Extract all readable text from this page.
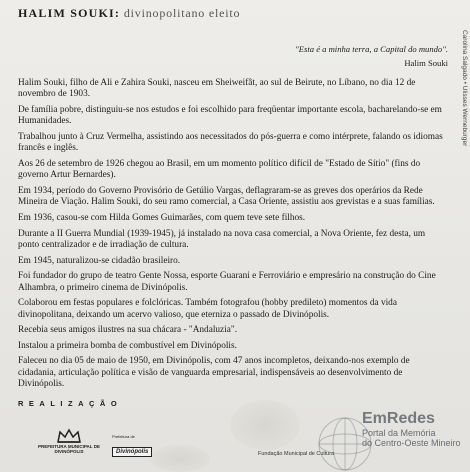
HALIM SOUKI: divinopolitano eleito
Carolina Salgado • Ulisses Werneburger
"Esta é a minha terra, a Capital do mundo".
Halim Souki

Halim Souki, filho de Ali e Zahira Souki, nasceu em Sheiweifât, ao sul de Beirute, no Líbano, no dia 12 de novembro de 1903.

De família pobre, distinguiu-se nos estudos e foi escolhido para freqüentar importante escola, bacharelando-se em Humanidades.

Trabalhou junto à Cruz Vermelha, assistindo aos necessitados do pós-guerra e como intérprete, falando os idiomas francês e inglês.

Aos 26 de setembro de 1926 chegou ao Brasil, em um momento político difícil de "Estado de Sítio" (fins do governo Artur Bernardes).

Em 1934, período do Governo Provisório de Getúlio Vargas, deflagraram-se as greves dos operários da Rede Mineira de Viação. Halim Souki, do seu ramo comercial, a Casa Oriente, assistiu aos grevistas e a suas famílias.

Em 1936, casou-se com Hilda Gomes Guimarães, com quem teve sete filhos.

Durante a II Guerra Mundial (1939-1945), já instalado na nova casa comercial, a Nova Oriente, fez desta, um ponto centralizador e de irradiação de cultura.

Em 1945, naturalizou-se cidadão brasileiro.

Foi fundador do grupo de teatro Gente Nossa, esporte Guarani e Ferroviário e empresário na construção do Cine Alhambra, o primeiro cinema de Divinópolis.

Colaborou em festas populares e folclóricas. Também fotografou (hobby predileto) momentos da vida divinopolitana, deixando um acervo valioso, que eterniza o passado de Divinópolis.

Recebia seus amigos ilustres na sua chácara - "Andaluzia".

Instalou a primeira bomba de combustível em Divinópolis.

Faleceu no dia 05 de maio de 1950, em Divinópolis, com 47 anos incompletos, deixando-nos exemplo de cidadania, articulação política e visão de vanguarda empresarial, indispensáveis ao desenvolvimento de Divinópolis.

REALIZAÇÃO
PREFEITURA MUNICIPAL DE DIVINÓPOLIS
Prefeitura de
Divinópolis	Fundação Municipal de Cultura
EmRedes
Portal da Memória
do Centro-Oeste Mineiro
